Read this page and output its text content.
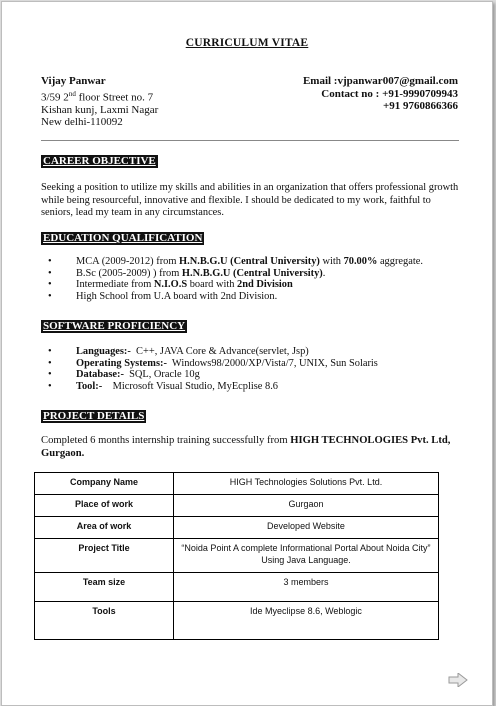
CURRICULUM VITAE
Vijay Panwar
3/59 2nd floor Street no. 7
Kishan kunj, Laxmi Nagar
New delhi-110092
Email :vjpanwar007@gmail.com
Contact no : +91-9990709943
+91 9760866366
CAREER OBJECTIVE
Seeking a position to utilize my skills and abilities in an organization that offers professional growth while being resourceful, innovative and flexible. I should be dedicated to my work, faithful to seniors, lead my team in any circumstances.
EDUCATION QUALIFICATION
• MCA (2009-2012) from H.N.B.G.U (Central University) with 70.00% aggregate.
• B.Sc (2005-2009) ) from H.N.B.G.U (Central University).
• Intermediate from N.I.O.S board with 2nd Division
• High School from U.A board with 2nd Division.
SOFTWARE PROFICIENCY
• Languages:-  C++, JAVA Core & Advance(servlet, Jsp)
• Operating Systems:-  Windows98/2000/XP/Vista/7, UNIX, Sun Solaris
• Database:-  SQL, Oracle 10g
• Tool:-    Microsoft Visual Studio, MyEcplise 8.6
PROJECT DETAILS
Completed 6 months internship training successfully from HIGH TECHNOLOGIES Pvt. Ltd, Gurgaon.
Company Name	HIGH Technologies Solutions Pvt. Ltd.
Place of work	Gurgaon
Area of work	Developed Website
Project Title	“Noida Point A complete Informational Portal About Noida City” Using Java Language.
Team size	3 members
Tools	Ide Myeclipse 8.6, Weblogic
